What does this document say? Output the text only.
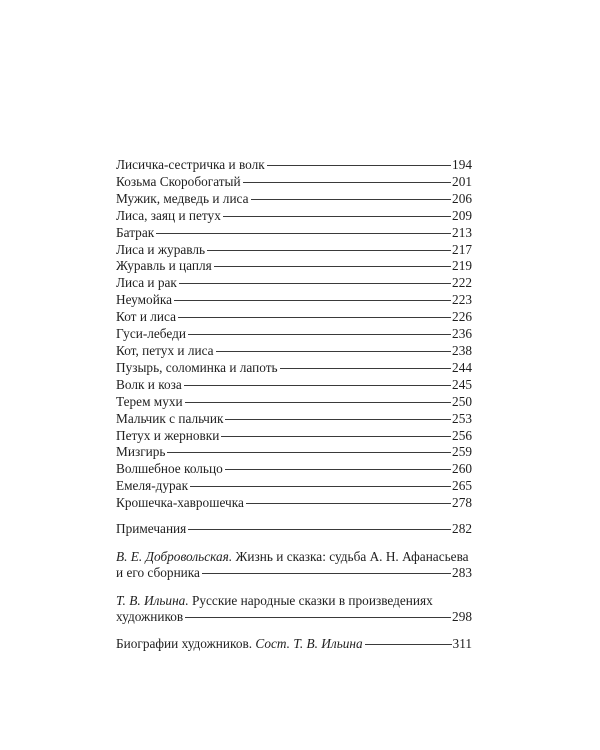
Лисичка-сестричка и волк	194
Козьма Скоробогатый	201
Мужик, медведь и лиса	206
Лиса, заяц и петух	209
Батрак	213
Лиса и журавль	217
Журавль и цапля	219
Лиса и рак	222
Неумойка	223
Кот и лиса	226
Гуси-лебеди	236
Кот, петух и лиса	238
Пузырь, соломинка и лапоть	244
Волк и коза	245
Терем мухи	250
Мальчик с пальчик	253
Петух и жерновки	256
Мизгирь	259
Волшебное кольцо	260
Емеля-дурак	265
Крошечка-хаврошечка	278
Примечания	282
В. Е. Добровольская. Жизнь и сказка: судьба А. Н. Афанасьева
и его сборника	283
Т. В. Ильина. Русские народные сказки в произведениях
художников	298
Биографии художников. Сост. Т. В. Ильина	311
